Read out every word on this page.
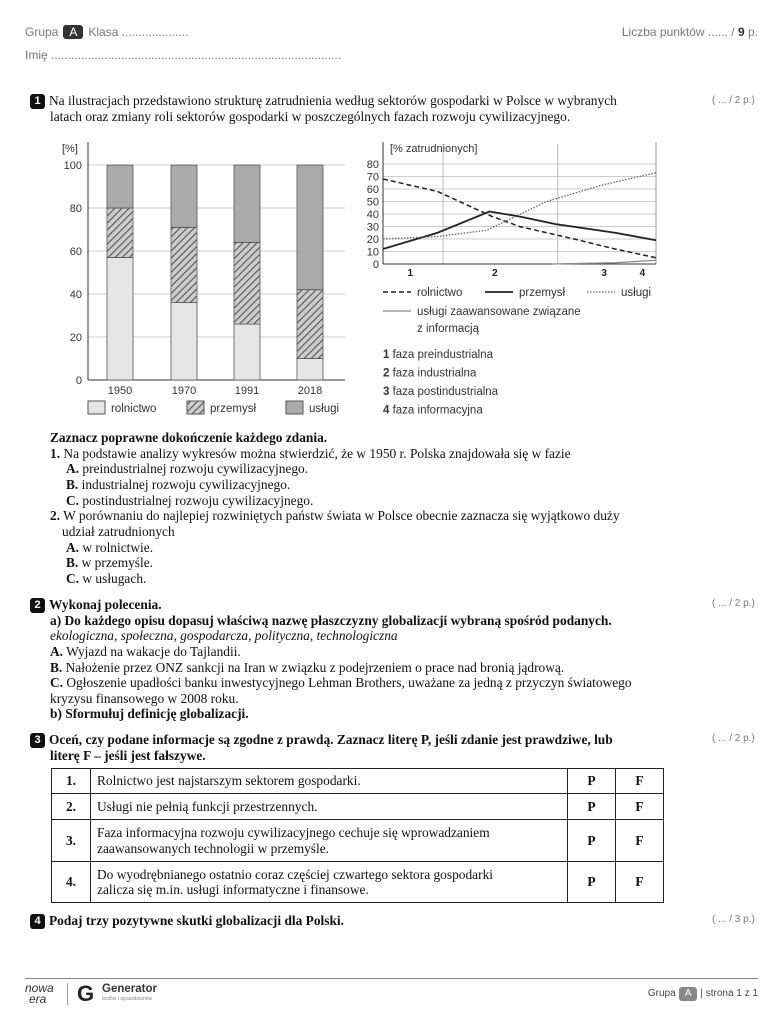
Grupa A Klasa ....................	Liczba punktów ...... / 9 p.
Imię .......................................................................................
1 Na ilustracjach przedstawiono strukturę zatrudnienia według sektorów gospodarki w Polsce w wybranych
latach oraz zmiany roli sektorów gospodarki w poszczególnych fazach rozwoju cywilizacyjnego.
( ... / 2 p.)
[%]
0
20
40
60
80
100
1950	1970	1991	2018
rolnictwo	przemysł	usługi
[% zatrudnionych]
0
10
20
30
40
50
60
70
80
1	2	3	4
rolnictwo	przemysł	usługi
usługi zaawansowane związane
z informacją
1 faza preindustrialna
2 faza industrialna
3 faza postindustrialna
4 faza informacyjna
Zaznacz poprawne dokończenie każdego zdania.
1. Na podstawie analizy wykresów można stwierdzić, że w 1950 r. Polska znajdowała się w fazie
A. preindustrialnej rozwoju cywilizacyjnego.
B. industrialnej rozwoju cywilizacyjnego.
C. postindustrialnej rozwoju cywilizacyjnego.
2. W porównaniu do najlepiej rozwiniętych państw świata w Polsce obecnie zaznacza się wyjątkowo duży
udział zatrudnionych
A. w rolnictwie.
B. w przemyśle.
C. w usługach.
2 Wykonaj polecenia.	( ... / 2 p.)
a) Do każdego opisu dopasuj właściwą nazwę płaszczyzny globalizacji wybraną spośród podanych.
ekologiczna, społeczna, gospodarcza, polityczna, technologiczna
A. Wyjazd na wakacje do Tajlandii.
B. Nałożenie przez ONZ sankcji na Iran w związku z podejrzeniem o prace nad bronią jądrową.
C. Ogłoszenie upadłości banku inwestycyjnego Lehman Brothers, uważane za jedną z przyczyn światowego
kryzysu finansowego w 2008 roku.
b) Sformułuj definicję globalizacji.
3 Oceń, czy podane informacje są zgodne z prawdą. Zaznacz literę P, jeśli zdanie jest prawdziwe, lub
literę F – jeśli jest fałszywe.
( ... / 2 p.)
1.	Rolnictwo jest najstarszym sektorem gospodarki.	P	F
2.	Usługi nie pełnią funkcji przestrzennych.	P	F
3.	Faza informacyjna rozwoju cywilizacyjnego cechuje się wprowadzaniem
zaawansowanych technologii w przemyśle.	P	F
4.	Do wyodrębnianego ostatnio coraz częściej czwartego sektora gospodarki
zalicza się m.in. usługi informatyczne i finansowe.	P	F
4 Podaj trzy pozytywne skutki globalizacji dla Polski.	( ... / 3 p.)
nowa
era	G Generator
testów i sprawdzianów	Grupa A | strona 1 z 1
